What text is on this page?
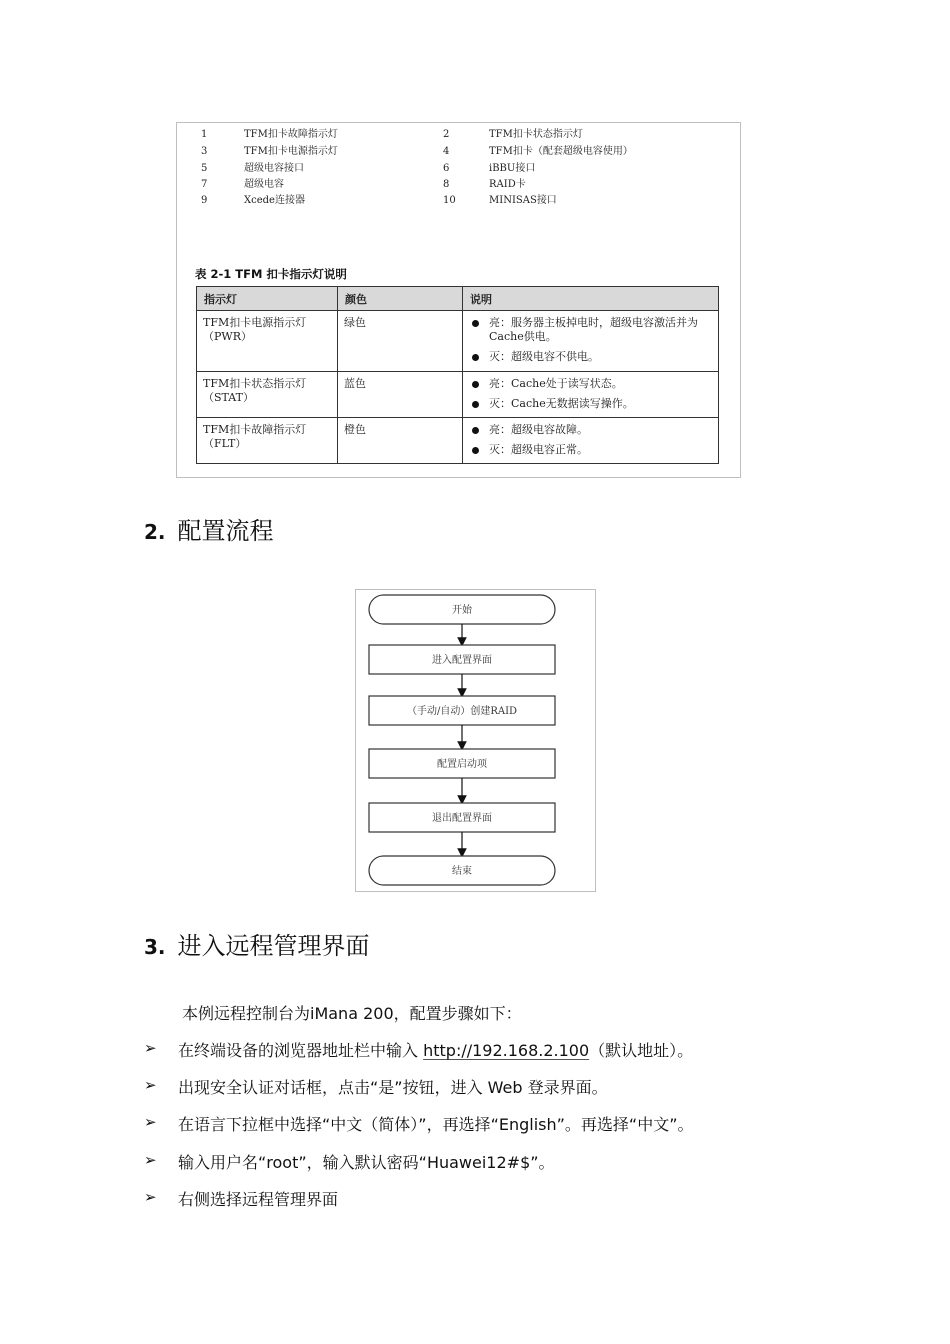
1	TFM扣卡故障指示灯	2	TFM扣卡状态指示灯
3	TFM扣卡电源指示灯	4	TFM扣卡（配套超级电容使用）
5	超级电容接口	6	iBBU接口
7	超级电容	8	RAID卡
9	Xcede连接器	10	MINISAS接口
表 2-1 TFM 扣卡指示灯说明
指示灯	颜色	说明
TFM扣卡电源指示灯（PWR）	绿色	亮：服务器主板掉电时，超级电容激活并为Cache供电。
灭：超级电容不供电。

TFM扣卡状态指示灯（STAT）	蓝色	亮：Cache处于读写状态。
灭：Cache无数据读写操作。

TFM扣卡故障指示灯（FLT）	橙色	亮：超级电容故障。
灭：超级电容正常。
2. 配置流程
开始
进入配置界面
（手动/自动）创建RAID
配置启动项
退出配置界面
结束
3. 进入远程管理界面
本例远程控制台为iMana 200，配置步骤如下：
➢ 在终端设备的浏览器地址栏中输入 http://192.168.2.100（默认地址）。
➢ 出现安全认证对话框，点击“是”按钮，进入 Web 登录界面。
➢ 在语言下拉框中选择“中文（简体）”，再选择“English”。再选择“中文”。
➢ 输入用户名“root”，输入默认密码“Huawei12#$”。
➢ 右侧选择远程管理界面
